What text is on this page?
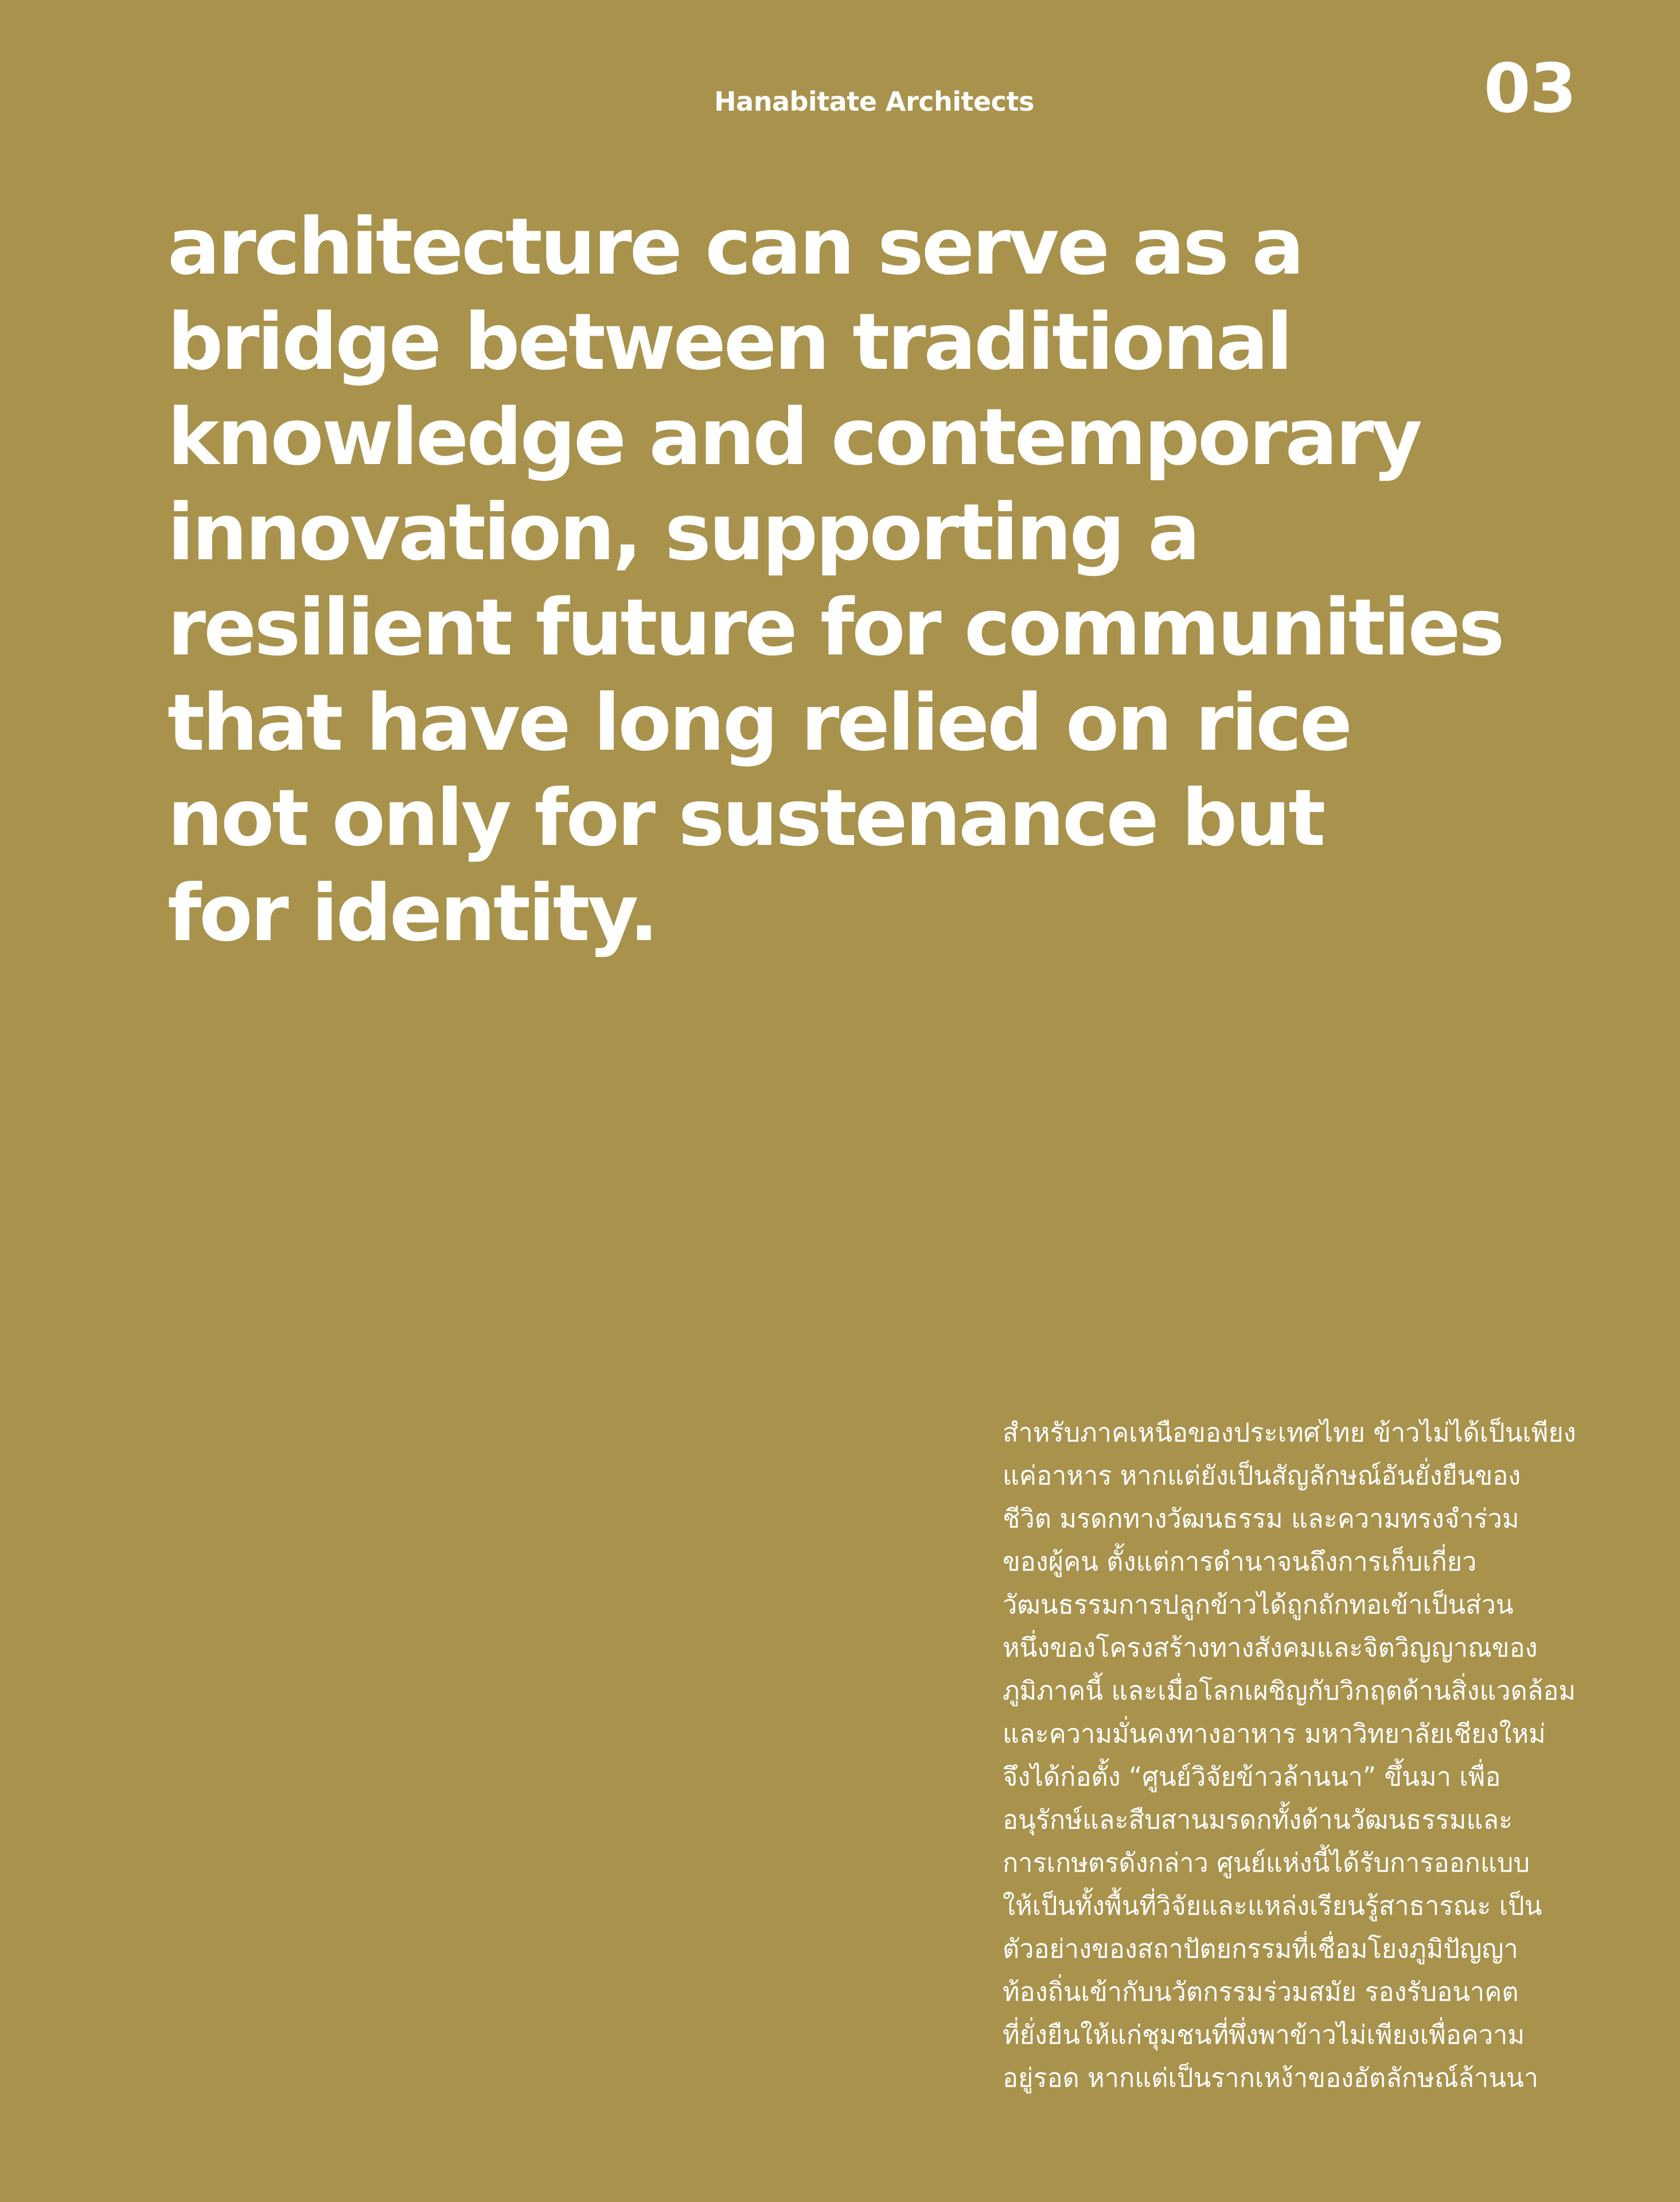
Hanabitate Architects	03
architecture can serve as a
bridge between traditional
knowledge and contemporary
innovation, supporting a
resilient future for communities
that have long relied on rice
not only for sustenance but
for identity.

สำหรับภาคเหนือของประเทศไทย ข้าวไม่ได้เป็นเพียง
แค่อาหาร หากแต่ยังเป็นสัญลักษณ์อันยั่งยืนของ
ชีวิต มรดกทางวัฒนธรรม และความทรงจำร่วม
ของผู้คน ตั้งแต่การดำนาจนถึงการเก็บเกี่ยว
วัฒนธรรมการปลูกข้าวได้ถูกถักทอเข้าเป็นส่วน
หนึ่งของโครงสร้างทางสังคมและจิตวิญญาณของ
ภูมิภาคนี้ และเมื่อโลกเผชิญกับวิกฤตด้านสิ่งแวดล้อม
และความมั่นคงทางอาหาร มหาวิทยาลัยเชียงใหม่
จึงได้ก่อตั้ง “ศูนย์วิจัยข้าวล้านนา” ขึ้นมา เพื่อ
อนุรักษ์และสืบสานมรดกทั้งด้านวัฒนธรรมและ
การเกษตรดังกล่าว ศูนย์แห่งนี้ได้รับการออกแบบ
ให้เป็นทั้งพื้นที่วิจัยและแหล่งเรียนรู้สาธารณะ เป็น
ตัวอย่างของสถาปัตยกรรมที่เชื่อมโยงภูมิปัญญา
ท้องถิ่นเข้ากับนวัตกรรมร่วมสมัย รองรับอนาคต
ที่ยั่งยืนให้แก่ชุมชนที่พึ่งพาข้าวไม่เพียงเพื่อความ
อยู่รอด หากแต่เป็นรากเหง้าของอัตลักษณ์ล้านนา
